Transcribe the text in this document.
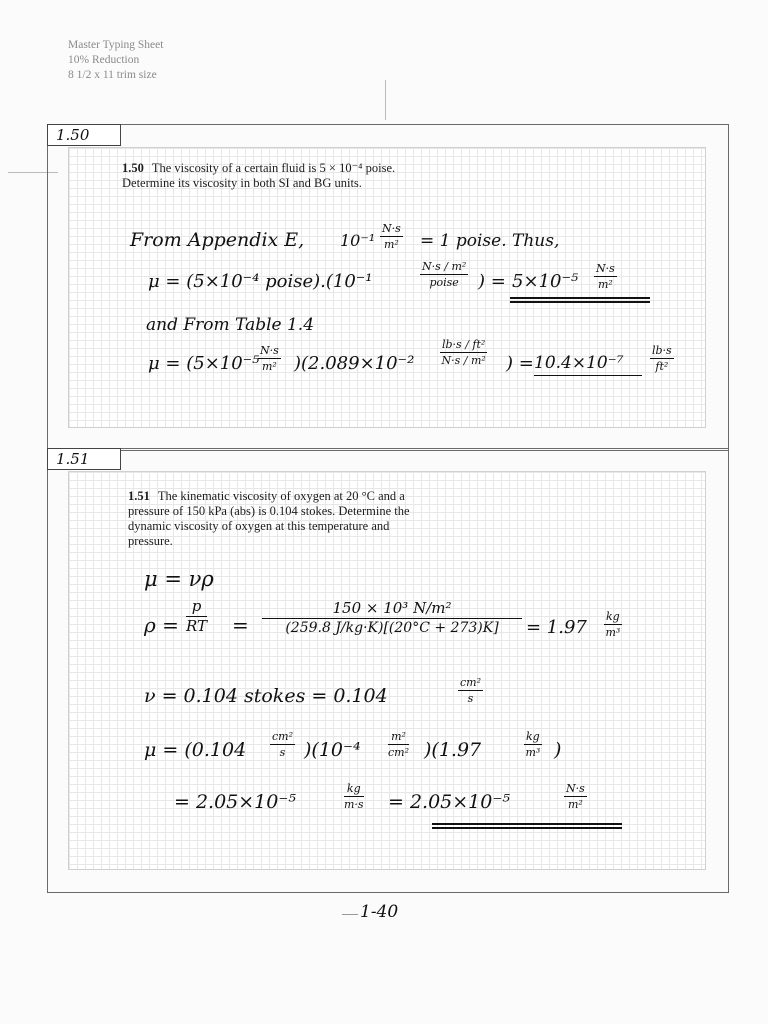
Master Typing Sheet
10% Reduction
8 1/2 x 11 trim size
1.50
1.50 The viscosity of a certain fluid is 5 × 10⁻⁴ poise. Determine its viscosity in both SI and BG units.
From Appendix E, $10^{-1} \frac{N\cdot s}{\text{m²}} = 1$ poise. Thus,
μ = (5×10⁻⁴ poise).(10⁻¹
N·s / m²
poise	) = $5\times 10^{-5} \frac{N\cdot s}{\text{m²}}$
and From Table 1.4
μ = (5×10⁻⁵
$\frac{N\cdot s}{\text{m²}} )(2.089\times 10^{-2} \frac{\text{lb·s / ft²}}{\text{N·s / m²}}$ ) = $10.4\times 10^{-7} \frac{lb\cdot s}{\text{ft²}}$
1.51
1.51 The kinematic viscosity of oxygen at 20 °C and a pressure of 150 kPa (abs) is 0.104 stokes. Determine the dynamic viscosity of oxygen at this temperature and pressure.
μ = νρ
$\rho = \frac{p}{RT} = \frac{\text{150 × 10³ N/m²}}{(259.8 J/kg\cdot K)[(20^\circ C + 273)K]} = 1.97 \frac{kg}{\text{m³}}$
ν = 0.104 stokes = 0.104	$\frac{\text{cm²}}{s}$
$\mu = (0.104 \frac{\text{cm²}}{s} )(10^{-4} \frac{\text{m²}}{\text{cm²}} )(1.97$	$\frac{kg}{\text{m³}}$ )
= 2.05×10⁻⁵	$\frac{kg}{m\cdot s} = 2.05\times 10^{-5}$	$\frac{N\cdot s}{\text{m²}}$
1-40
